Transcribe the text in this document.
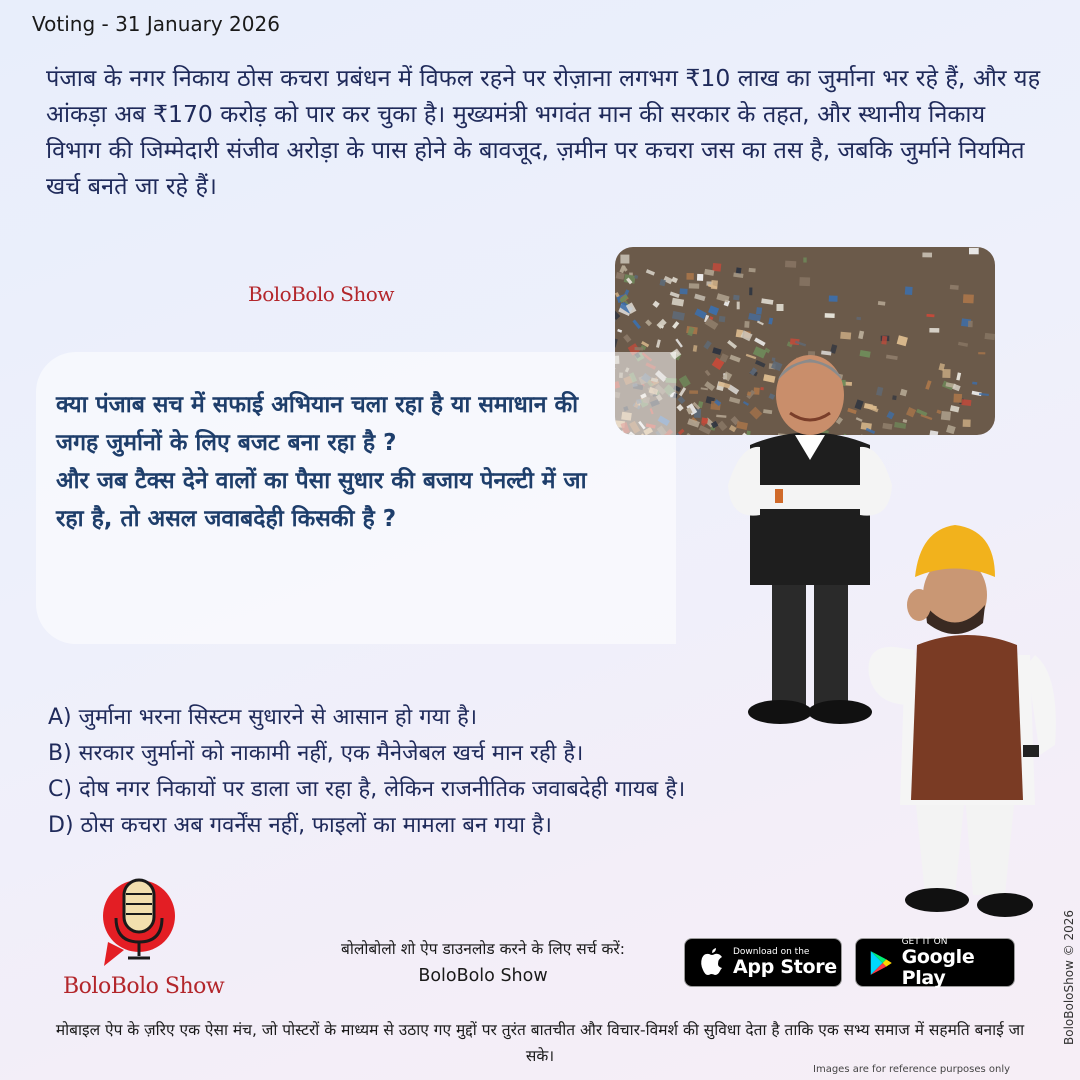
Voting - 31 January 2026
पंजाब के नगर निकाय ठोस कचरा प्रबंधन में विफल रहने पर रोज़ाना लगभग ₹10 लाख का जुर्माना भर रहे हैं, और यह आंकड़ा अब ₹170 करोड़ को पार कर चुका है। मुख्यमंत्री भगवंत मान की सरकार के तहत, और स्थानीय निकाय विभाग की जिम्मेदारी संजीव अरोड़ा के पास होने के बावजूद, ज़मीन पर कचरा जस का तस है, जबकि जुर्माने नियमित खर्च बनते जा रहे हैं।
BoloBolo Show
क्या पंजाब सच में सफाई अभियान चला रहा है या समाधान की जगह जुर्मानों के लिए बजट बना रहा है ?
और जब टैक्स देने वालों का पैसा सुधार की बजाय पेनल्टी में जा रहा है, तो असल जवाबदेही किसकी है ?
A) जुर्माना भरना सिस्टम सुधारने से आसान हो गया है।
B) सरकार जुर्मानों को नाकामी नहीं, एक मैनेजेबल खर्च मान रही है।
C) दोष नगर निकायों पर डाला जा रहा है, लेकिन राजनीतिक जवाबदेही गायब है।
D) ठोस कचरा अब गवर्नेंस नहीं, फाइलों का मामला बन गया है।
BoloBolo Show
बोलोबोलो शो ऐप डाउनलोड करने के लिए सर्च करें:
BoloBolo Show
Download on the
App Store
GET IT ON
Google Play
मोबाइल ऐप के ज़रिए एक ऐसा मंच, जो पोस्टरों के माध्यम से उठाए गए मुद्दों पर तुरंत बातचीत और विचार-विमर्श की सुविधा देता है ताकि एक सभ्य समाज में सहमति बनाई जा सके।
BoloBoloShow © 2026
Images are for reference purposes only
